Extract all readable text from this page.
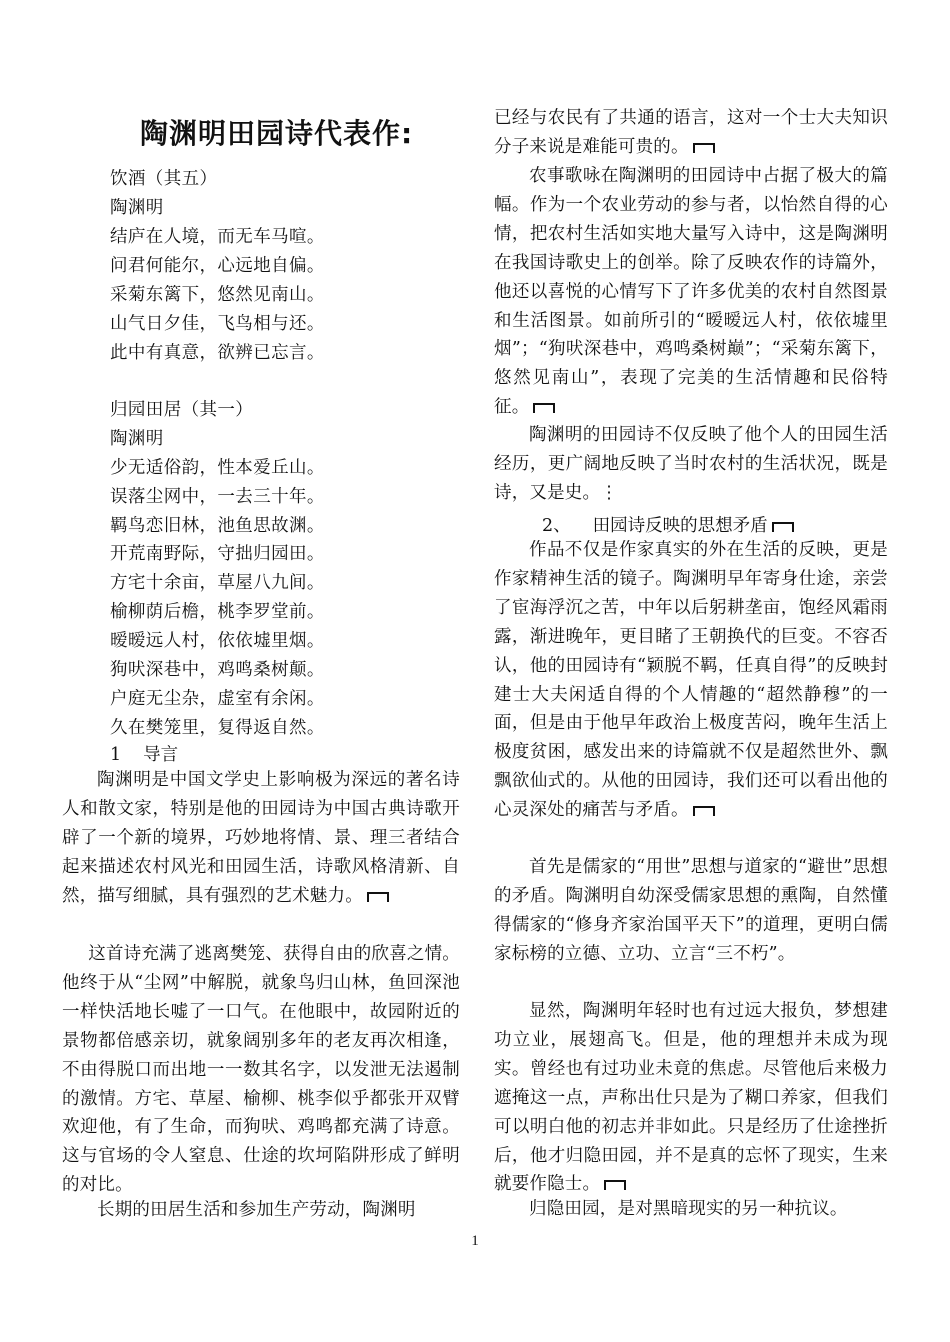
陶渊明田园诗代表作:
饮酒（其五）
陶渊明
结庐在人境，而无车马喧。
问君何能尔，心远地自偏。
采菊东篱下，悠然见南山。
山气日夕佳，飞鸟相与还。
此中有真意，欲辨已忘言。
归园田居（其一）
陶渊明
少无适俗韵，性本爱丘山。
误落尘网中，一去三十年。
羁鸟恋旧林，池鱼思故渊。
开荒南野际，守拙归园田。
方宅十余亩，草屋八九间。
榆柳荫后檐，桃李罗堂前。
暧暧远人村，依依墟里烟。
狗吠深巷中，鸡鸣桑树颠。
户庭无尘杂，虚室有余闲。
久在樊笼里，复得返自然。
1 导言
陶渊明是中国文学史上影响极为深远的著名诗人和散文家，特别是他的田园诗为中国古典诗歌开辟了一个新的境界，巧妙地将情、景、理三者结合起来描述农村风光和田园生活，诗歌风格清新、自然，描写细腻，具有强烈的艺术魅力。
这首诗充满了逃离樊笼、获得自由的欣喜之情。他终于从“尘网”中解脱，就象鸟归山林，鱼回深池一样快活地长嘘了一口气。在他眼中，故园附近的景物都倍感亲切，就象阔别多年的老友再次相逢，不由得脱口而出地一一数其名字，以发泄无法遏制的激情。方宅、草屋、榆柳、桃李似乎都张开双臂欢迎他，有了生命，而狗吠、鸡鸣都充满了诗意。这与官场的令人窒息、仕途的坎坷陷阱形成了鲜明的对比。
长期的田居生活和参加生产劳动，陶渊明
已经与农民有了共通的语言，这对一个士大夫知识分子来说是难能可贵的。
农事歌咏在陶渊明的田园诗中占据了极大的篇幅。作为一个农业劳动的参与者，以怡然自得的心情，把农村生活如实地大量写入诗中，这是陶渊明在我国诗歌史上的创举。除了反映农作的诗篇外，他还以喜悦的心情写下了许多优美的农村自然图景和生活图景。如前所引的“暧暧远人村，依依墟里烟”；“狗吠深巷中，鸡鸣桑树巅”；“采菊东篱下，悠然见南山”，表现了完美的生活情趣和民俗特征。
陶渊明的田园诗不仅反映了他个人的田园生活经历，更广阔地反映了当时农村的生活状况，既是诗，又是史。⋮
2、 田园诗反映的思想矛盾
作品不仅是作家真实的外在生活的反映，更是作家精神生活的镜子。陶渊明早年寄身仕途，亲尝了宦海浮沉之苦，中年以后躬耕垄亩，饱经风霜雨露，渐进晚年，更目睹了王朝换代的巨变。不容否认，他的田园诗有“颖脱不羁，任真自得”的反映封建士大夫闲适自得的个人情趣的“超然静穆”的一面，但是由于他早年政治上极度苦闷，晚年生活上极度贫困，感发出来的诗篇就不仅是超然世外、飘飘欲仙式的。从他的田园诗，我们还可以看出他的心灵深处的痛苦与矛盾。
首先是儒家的“用世”思想与道家的“避世”思想的矛盾。陶渊明自幼深受儒家思想的熏陶，自然懂得儒家的“修身齐家治国平天下”的道理，更明白儒家标榜的立德、立功、立言“三不朽”。
显然，陶渊明年轻时也有过远大报负，梦想建功立业，展翅高飞。但是，他的理想并未成为现实。曾经也有过功业未竟的焦虑。尽管他后来极力遮掩这一点，声称出仕只是为了糊口养家，但我们可以明白他的初志并非如此。只是经历了仕途挫折后，他才归隐田园，并不是真的忘怀了现实，生来就要作隐士。
归隐田园，是对黑暗现实的另一种抗议。
1
